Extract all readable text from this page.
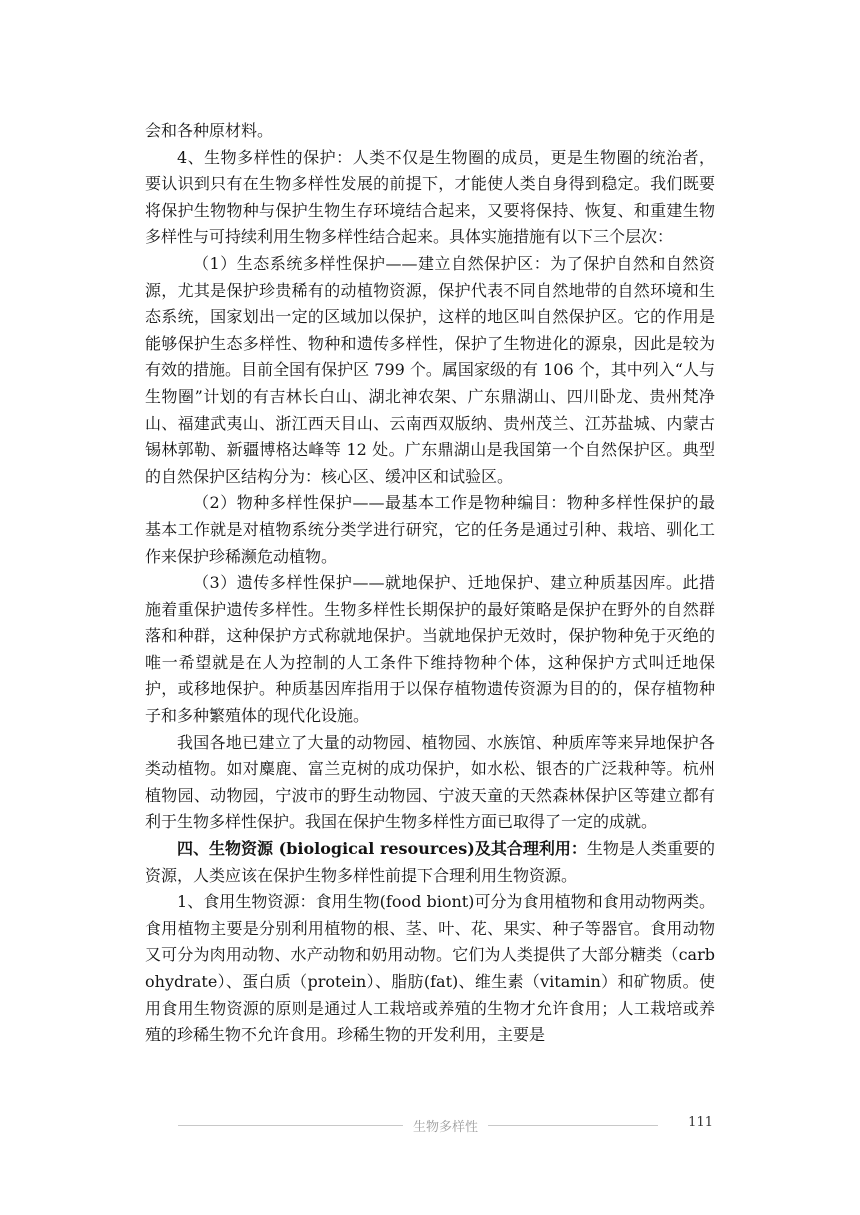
会和各种原材料。

4、生物多样性的保护：人类不仅是生物圈的成员，更是生物圈的统治者，要认识到只有在生物多样性发展的前提下，才能使人类自身得到稳定。我们既要将保护生物物种与保护生物生存环境结合起来，又要将保持、恢复、和重建生物多样性与可持续利用生物多样性结合起来。具体实施措施有以下三个层次：

（1）生态系统多样性保护——建立自然保护区：为了保护自然和自然资源，尤其是保护珍贵稀有的动植物资源，保护代表不同自然地带的自然环境和生态系统，国家划出一定的区域加以保护，这样的地区叫自然保护区。它的作用是能够保护生态多样性、物种和遗传多样性，保护了生物进化的源泉，因此是较为有效的措施。目前全国有保护区 799 个。属国家级的有 106 个，其中列入“人与生物圈”计划的有吉林长白山、湖北神农架、广东鼎湖山、四川卧龙、贵州梵净山、福建武夷山、浙江西天目山、云南西双版纳、贵州茂兰、江苏盐城、内蒙古锡林郭勒、新疆博格达峰等 12 处。广东鼎湖山是我国第一个自然保护区。典型的自然保护区结构分为：核心区、缓冲区和试验区。

（2）物种多样性保护——最基本工作是物种编目：物种多样性保护的最基本工作就是对植物系统分类学进行研究，它的任务是通过引种、栽培、驯化工作来保护珍稀濒危动植物。

（3）遗传多样性保护——就地保护、迁地保护、建立种质基因库。此措施着重保护遗传多样性。生物多样性长期保护的最好策略是保护在野外的自然群落和种群，这种保护方式称就地保护。当就地保护无效时，保护物种免于灭绝的唯一希望就是在人为控制的人工条件下维持物种个体，这种保护方式叫迁地保护，或移地保护。种质基因库指用于以保存植物遗传资源为目的的，保存植物种子和多种繁殖体的现代化设施。

我国各地已建立了大量的动物园、植物园、水族馆、种质库等来异地保护各类动植物。如对麋鹿、富兰克树的成功保护，如水松、银杏的广泛栽种等。杭州植物园、动物园，宁波市的野生动物园、宁波天童的天然森林保护区等建立都有利于生物多样性保护。我国在保护生物多样性方面已取得了一定的成就。

四、生物资源 (biological resources)及其合理利用：生物是人类重要的资源，人类应该在保护生物多样性前提下合理利用生物资源。

1、食用生物资源：食用生物(food biont)可分为食用植物和食用动物两类。食用植物主要是分别利用植物的根、茎、叶、花、果实、种子等器官。食用动物又可分为肉用动物、水产动物和奶用动物。它们为人类提供了大部分糖类（carbohydrate）、蛋白质（protein）、脂肪(fat)、维生素（vitamin）和矿物质。使用食用生物资源的原则是通过人工栽培或养殖的生物才允许食用；人工栽培或养殖的珍稀生物不允许食用。珍稀生物的开发利用，主要是

生物多样性	111
